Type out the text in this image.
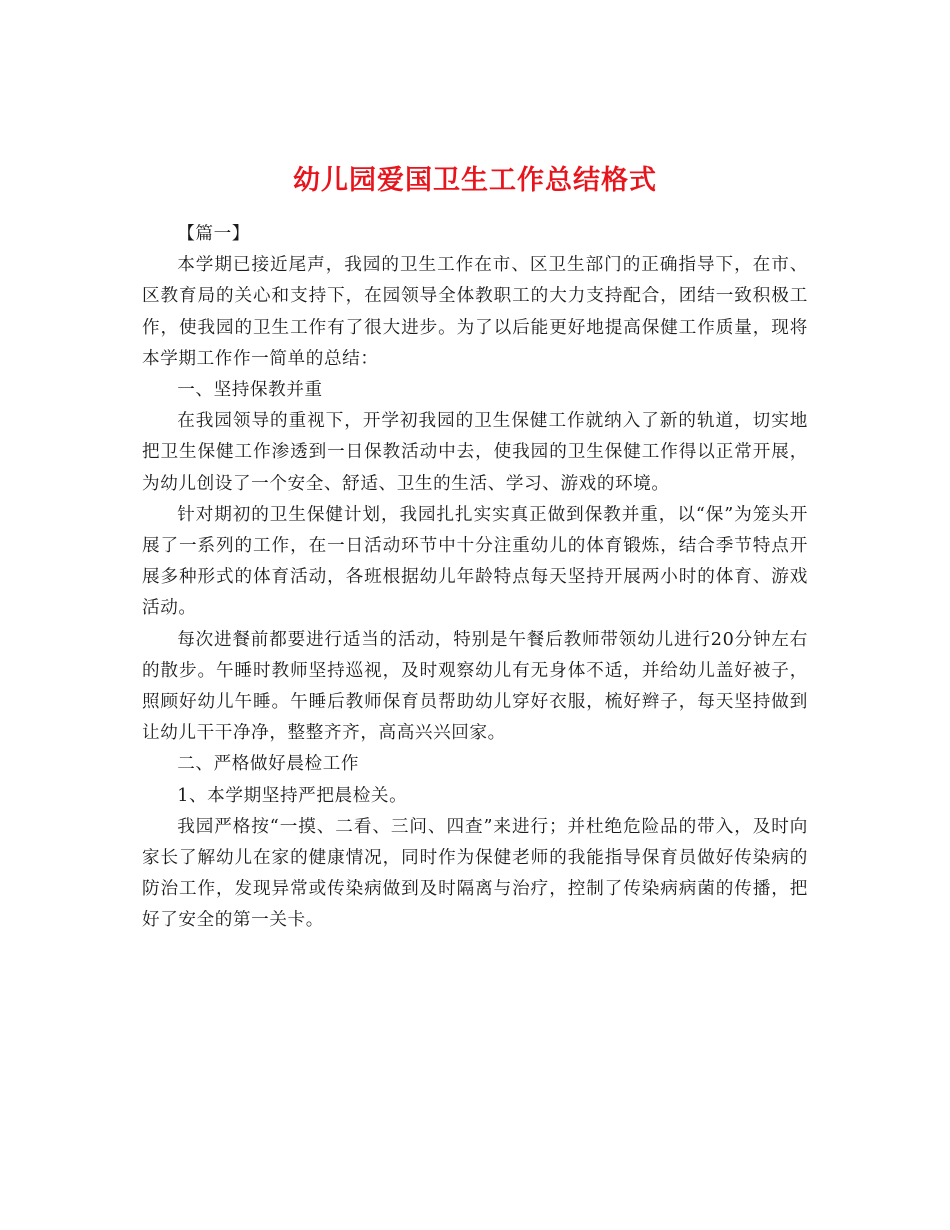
幼儿园爱国卫生工作总结格式

【篇一】

本学期已接近尾声，我园的卫生工作在市、区卫生部门的正确指导下，在市、区教育局的关心和支持下，在园领导全体教职工的大力支持配合，团结一致积极工作，使我园的卫生工作有了很大进步。为了以后能更好地提高保健工作质量，现将本学期工作作一简单的总结：

一、坚持保教并重

在我园领导的重视下，开学初我园的卫生保健工作就纳入了新的轨道，切实地把卫生保健工作渗透到一日保教活动中去，使我园的卫生保健工作得以正常开展，为幼儿创设了一个安全、舒适、卫生的生活、学习、游戏的环境。

针对期初的卫生保健计划，我园扎扎实实真正做到保教并重，以“保”为笼头开展了一系列的工作，在一日活动环节中十分注重幼儿的体育锻炼，结合季节特点开展多种形式的体育活动，各班根据幼儿年龄特点每天坚持开展两小时的体育、游戏活动。

每次进餐前都要进行适当的活动，特别是午餐后教师带领幼儿进行20分钟左右的散步。午睡时教师坚持巡视，及时观察幼儿有无身体不适，并给幼儿盖好被子，照顾好幼儿午睡。午睡后教师保育员帮助幼儿穿好衣服，梳好辫子，每天坚持做到让幼儿干干净净，整整齐齐，高高兴兴回家。

二、严格做好晨检工作

1、本学期坚持严把晨检关。

我园严格按“一摸、二看、三问、四查”来进行；并杜绝危险品的带入，及时向家长了解幼儿在家的健康情况，同时作为保健老师的我能指导保育员做好传染病的防治工作，发现异常或传染病做到及时隔离与治疗，控制了传染病病菌的传播，把好了安全的第一关卡。
